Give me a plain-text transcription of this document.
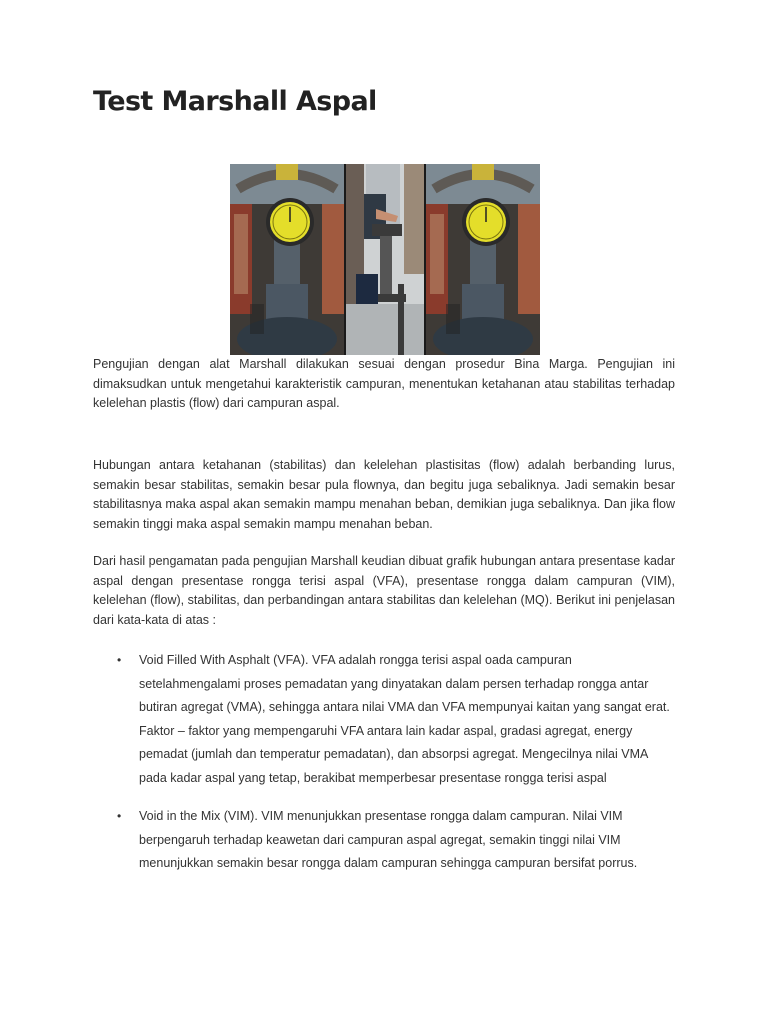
Test Marshall Aspal

Pengujian dengan alat Marshall dilakukan sesuai dengan prosedur Bina Marga. Pengujian ini dimaksudkan untuk mengetahui karakteristik campuran, menentukan ketahanan atau stabilitas terhadap kelelehan plastis (flow) dari campuran aspal.

Hubungan antara ketahanan (stabilitas) dan kelelehan plastisitas (flow) adalah berbanding lurus, semakin besar stabilitas, semakin besar pula flownya, dan begitu juga sebaliknya. Jadi semakin besar stabilitasnya maka aspal akan semakin mampu menahan beban, demikian juga sebaliknya. Dan jika flow semakin tinggi maka aspal semakin mampu menahan beban.

Dari hasil pengamatan pada pengujian Marshall keudian dibuat grafik hubungan antara presentase kadar aspal dengan presentase rongga terisi aspal (VFA), presentase rongga dalam campuran (VIM), kelelehan (flow), stabilitas, dan perbandingan antara stabilitas dan kelelehan (MQ). Berikut ini penjelasan dari kata-kata di atas :

• Void Filled With Asphalt (VFA). VFA adalah rongga terisi aspal oada campuran setelahmengalami proses pemadatan yang dinyatakan dalam persen terhadap rongga antar butiran agregat (VMA), sehingga antara nilai VMA dan VFA mempunyai kaitan yang sangat erat. Faktor – faktor yang mempengaruhi VFA antara lain kadar aspal, gradasi agregat, energy pemadat (jumlah dan temperatur pemadatan), dan absorpsi agregat. Mengecilnya nilai VMA pada kadar aspal yang tetap, berakibat memperbesar presentase rongga terisi aspal
• Void in the Mix (VIM). VIM menunjukkan presentase rongga dalam campuran. Nilai VIM berpengaruh terhadap keawetan dari campuran aspal agregat, semakin tinggi nilai VIM menunjukkan semakin besar rongga dalam campuran sehingga campuran bersifat porrus.
